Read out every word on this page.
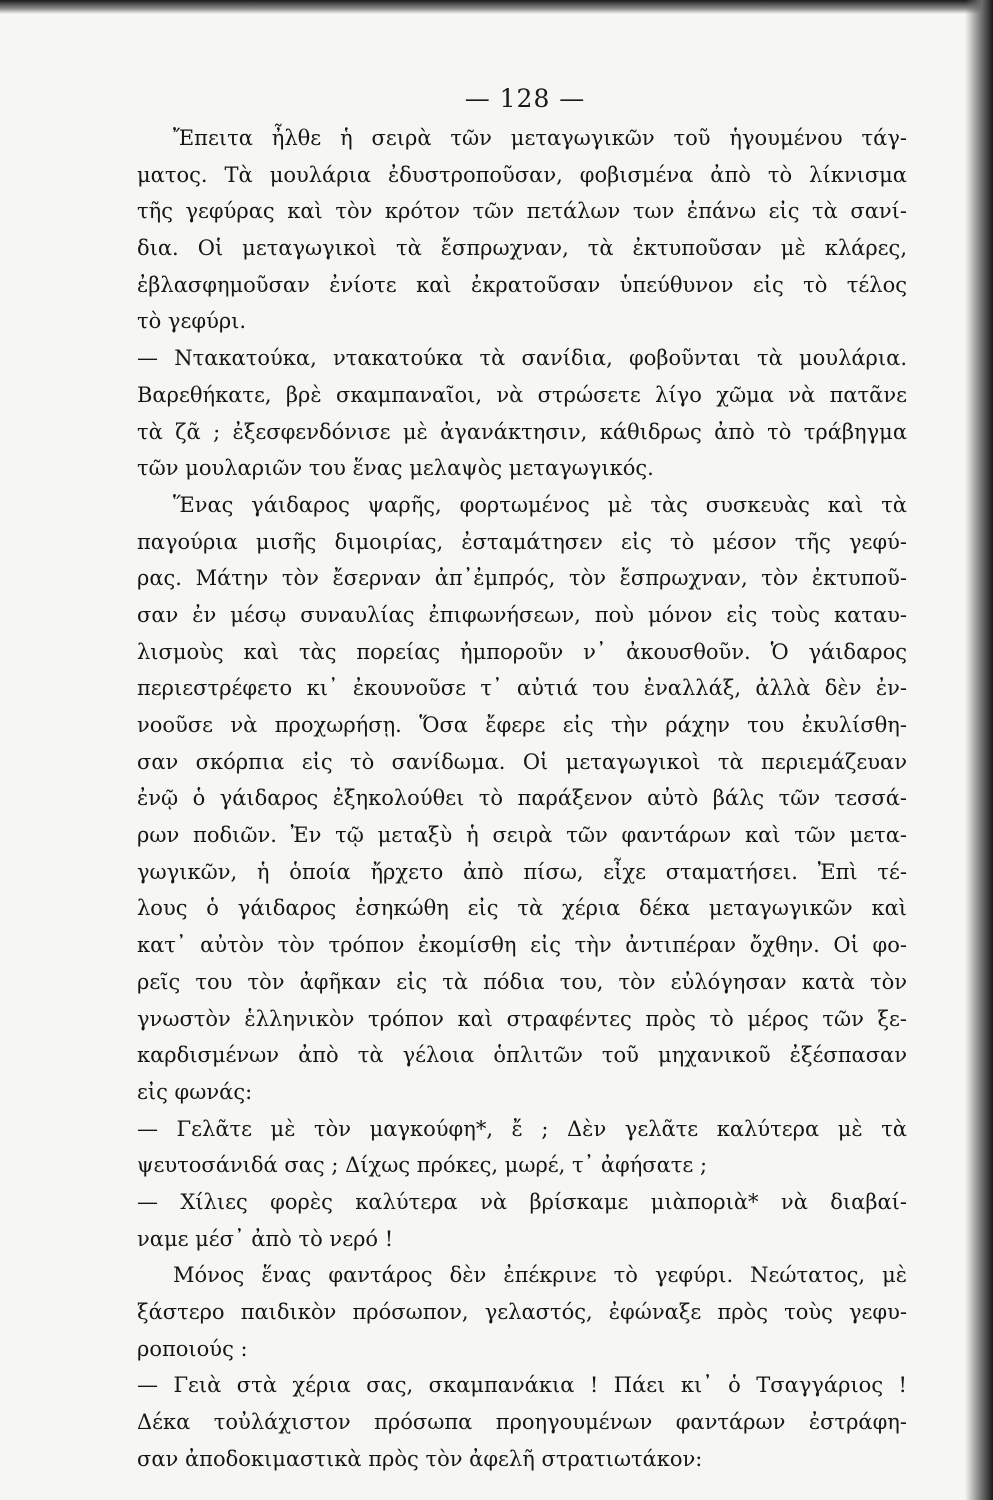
— 128 —
Ἔπειτα ἦλθε ἡ σειρὰ τῶν μεταγωγικῶν τοῦ ἡγουμένου τάγ-
ματος. Τὰ μουλάρια ἐδυστροποῦσαν, φοβισμένα ἀπὸ τὸ λίκνισμα
τῆς γεφύρας καὶ τὸν κρότον τῶν πετάλων των ἐπάνω εἰς τὰ σανί-
δια. Οἱ μεταγωγικοὶ τὰ ἔσπρωχναν, τὰ ἐκτυποῦσαν μὲ κλάρες,
ἐβλασφημοῦσαν ἐνίοτε καὶ ἐκρατοῦσαν ὑπεύθυνον εἰς τὸ τέλος
τὸ γεφύρι.
— Ντακατούκα, ντακατούκα τὰ σανίδια, φοβοῦνται τὰ μουλάρια.
Βαρεθήκατε, βρὲ σκαμπαναῖοι, νὰ στρώσετε λίγο χῶμα νὰ πατᾶνε
τὰ ζᾶ ; ἐξεσφενδόνισε μὲ ἀγανάκτησιν, κάθιδρως ἀπὸ τὸ τράβηγμα
τῶν μουλαριῶν του ἕνας μελαψὸς μεταγωγικός.
Ἕνας γάιδαρος ψαρῆς, φορτωμένος μὲ τὰς συσκευὰς καὶ τὰ
παγούρια μισῆς διμοιρίας, ἐσταμάτησεν εἰς τὸ μέσον τῆς γεφύ-
ρας. Μάτην τὸν ἔσερναν ἀπ᾽ἐμπρός, τὸν ἔσπρωχναν, τὸν ἐκτυποῦ-
σαν ἐν μέσῳ συναυλίας ἐπιφωνήσεων, ποὺ μόνον εἰς τοὺς καταυ-
λισμοὺς καὶ τὰς πορείας ἠμποροῦν ν᾽ ἀκουσθοῦν. Ὁ γάιδαρος
περιεστρέφετο κι᾽ ἐκουνοῦσε τ᾽ αὐτιά του ἐναλλάξ, ἀλλὰ δὲν ἐν-
νοοῦσε νὰ προχωρήσῃ. Ὅσα ἔφερε εἰς τὴν ράχην του ἐκυλίσθη-
σαν σκόρπια εἰς τὸ σανίδωμα. Οἱ μεταγωγικοὶ τὰ περιεμάζευαν
ἐνῷ ὁ γάιδαρος ἐξηκολούθει τὸ παράξενον αὐτὸ βάλς τῶν τεσσά-
ρων ποδιῶν. Ἐν τῷ μεταξὺ ἡ σειρὰ τῶν φαντάρων καὶ τῶν μετα-
γωγικῶν, ἡ ὁποία ἤρχετο ἀπὸ πίσω, εἶχε σταματήσει. Ἐπὶ τέ-
λους ὁ γάιδαρος ἐσηκώθη εἰς τὰ χέρια δέκα μεταγωγικῶν καὶ
κατ᾽ αὐτὸν τὸν τρόπον ἐκομίσθη εἰς τὴν ἀντιπέραν ὄχθην. Οἱ φο-
ρεῖς του τὸν ἀφῆκαν εἰς τὰ πόδια του, τὸν εὐλόγησαν κατὰ τὸν
γνωστὸν ἑλληνικὸν τρόπον καὶ στραφέντες πρὸς τὸ μέρος τῶν ξε-
καρδισμένων ἀπὸ τὰ γέλοια ὁπλιτῶν τοῦ μηχανικοῦ ἐξέσπασαν
εἰς φωνάς:
— Γελᾶτε μὲ τὸν μαγκούφη*, ἔ ; Δὲν γελᾶτε καλύτερα μὲ τὰ
ψευτοσάνιδά σας ; Δίχως πρόκες, μωρέ, τ᾽ ἀφήσατε ;
— Χίλιες φορὲς καλύτερα νὰ βρίσκαμε μιὰποριὰ* νὰ διαβαί-
ναμε μέσ᾽ ἀπὸ τὸ νερό !
Μόνος ἕνας φαντάρος δὲν ἐπέκρινε τὸ γεφύρι. Νεώτατος, μὲ
ξάστερο παιδικὸν πρόσωπον, γελαστός, ἐφώναξε πρὸς τοὺς γεφυ-
ροποιούς :
— Γειὰ στὰ χέρια σας, σκαμπανάκια ! Πάει κι᾽ ὁ Τσαγγάριος !
Δέκα τοὐλάχιστον πρόσωπα προηγουμένων φαντάρων ἐστράφη-
σαν ἀποδοκιμαστικὰ πρὸς τὸν ἀφελῆ στρατιωτάκον:
